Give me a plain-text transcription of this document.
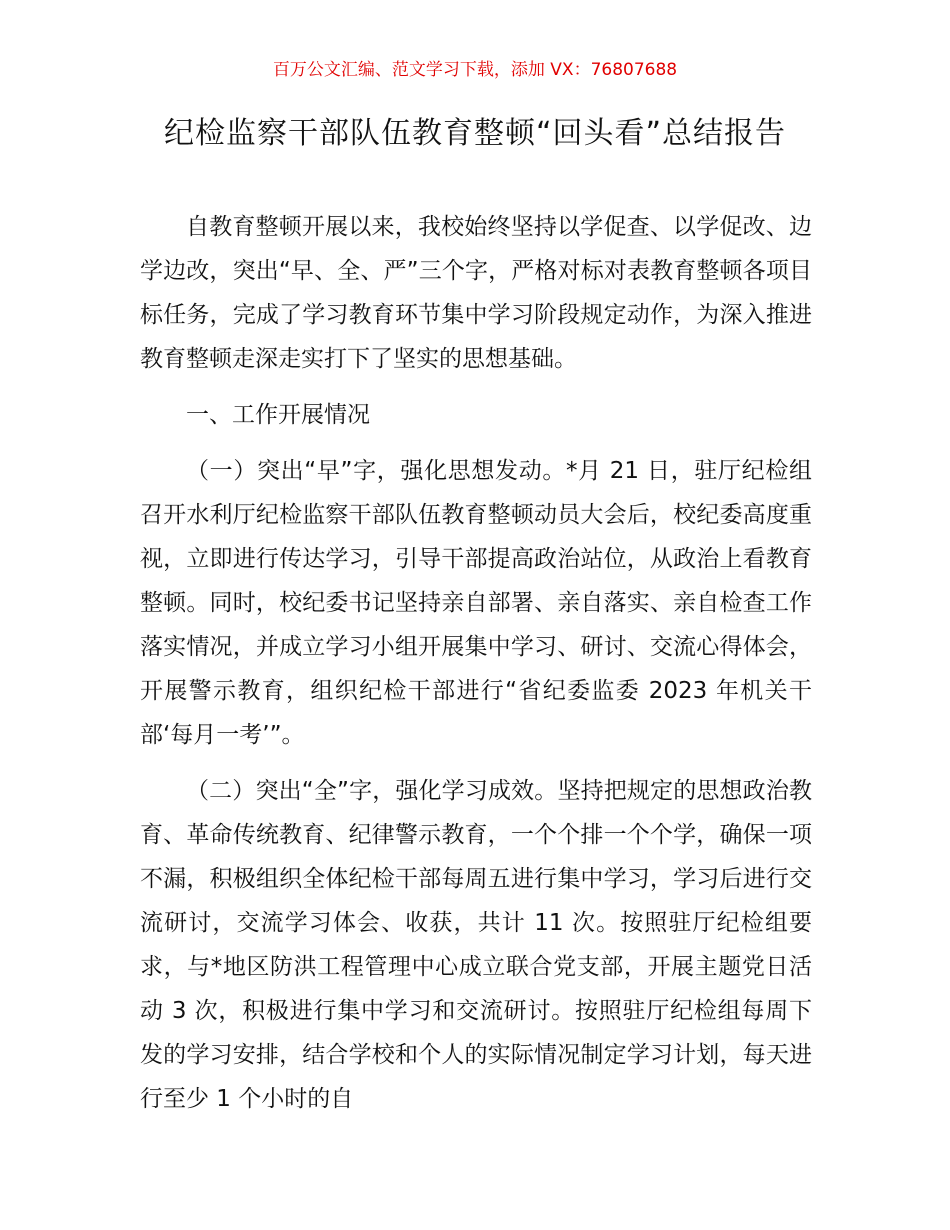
百万公文汇编、范文学习下载，添加 VX：76807688
纪检监察干部队伍教育整顿“回头看”总结报告

自教育整顿开展以来，我校始终坚持以学促查、以学促改、边学边改，突出“早、全、严”三个字，严格对标对表教育整顿各项目标任务，完成了学习教育环节集中学习阶段规定动作，为深入推进教育整顿走深走实打下了坚实的思想基础。

一、工作开展情况

（一）突出“早”字，强化思想发动。*月 21 日，驻厅纪检组召开水利厅纪检监察干部队伍教育整顿动员大会后，校纪委高度重视，立即进行传达学习，引导干部提高政治站位，从政治上看教育整顿。同时，校纪委书记坚持亲自部署、亲自落实、亲自检查工作落实情况，并成立学习小组开展集中学习、研讨、交流心得体会，开展警示教育，组织纪检干部进行“省纪委监委 2023 年机关干部‘每月一考’”。

（二）突出“全”字，强化学习成效。坚持把规定的思想政治教育、革命传统教育、纪律警示教育，一个个排一个个学，确保一项不漏，积极组织全体纪检干部每周五进行集中学习，学习后进行交流研讨，交流学习体会、收获，共计 11 次。按照驻厅纪检组要求，与*地区防洪工程管理中心成立联合党支部，开展主题党日活动 3 次，积极进行集中学习和交流研讨。按照驻厅纪检组每周下发的学习安排，结合学校和个人的实际情况制定学习计划，每天进行至少 1 个小时的自
